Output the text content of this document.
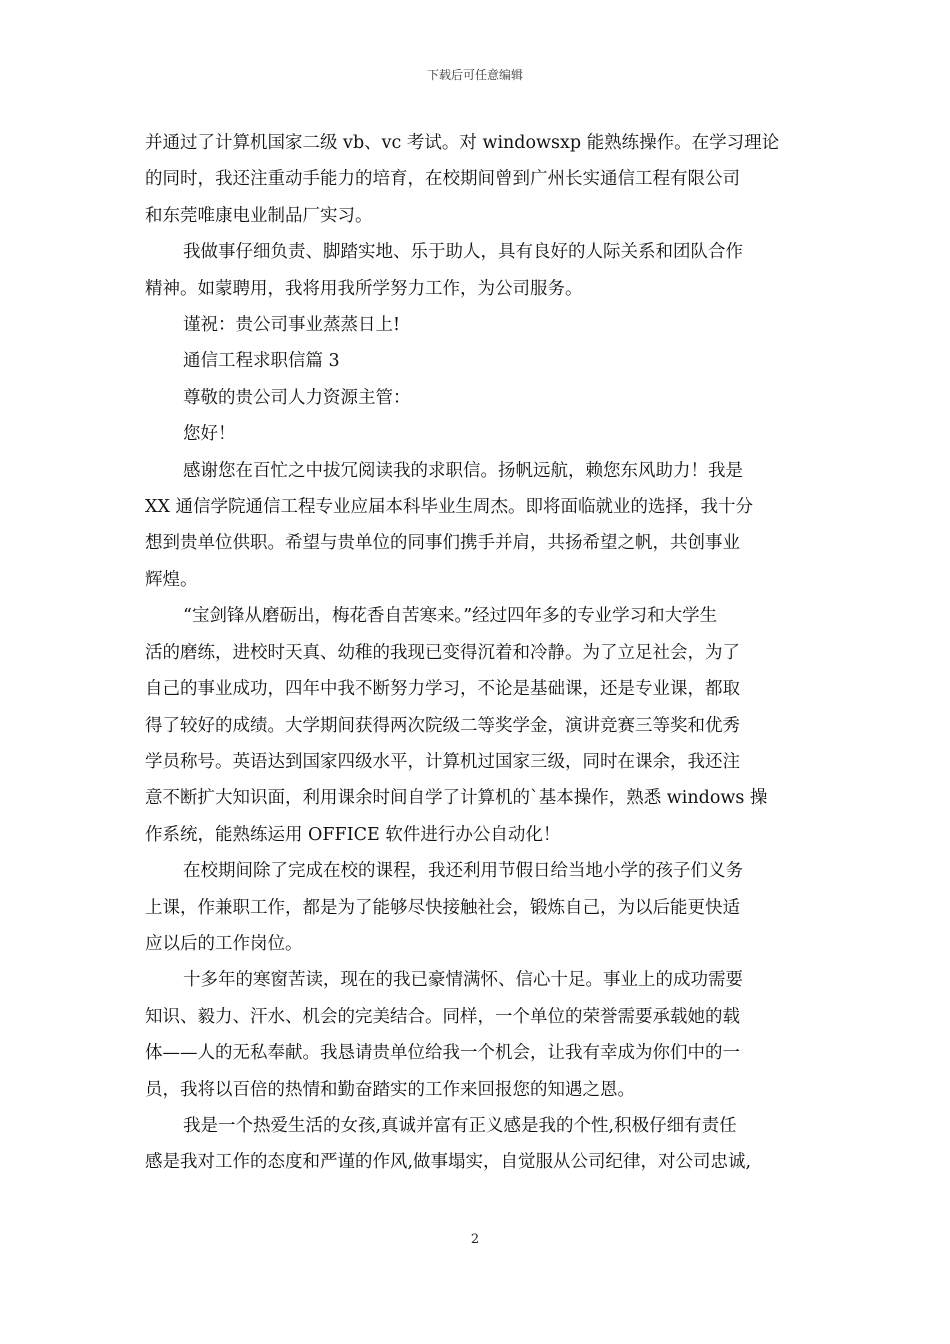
下载后可任意编辑
并通过了计算机国家二级 vb、vc 考试。对 windowsxp 能熟练操作。在学习理论
的同时，我还注重动手能力的培育，在校期间曾到广州长实通信工程有限公司
和东莞唯康电业制品厂实习。
我做事仔细负责、脚踏实地、乐于助人，具有良好的人际关系和团队合作
精神。如蒙聘用，我将用我所学努力工作，为公司服务。
谨祝：贵公司事业蒸蒸日上!
通信工程求职信篇 3
尊敬的贵公司人力资源主管：
您好！
感谢您在百忙之中拔冗阅读我的求职信。扬帆远航，赖您东风助力！我是
XX 通信学院通信工程专业应届本科毕业生周杰。即将面临就业的选择，我十分
想到贵单位供职。希望与贵单位的同事们携手并肩，共扬希望之帆，共创事业
辉煌。
“宝剑锋从磨砺出，梅花香自苦寒来。”经过四年多的专业学习和大学生
活的磨练，进校时天真、幼稚的我现已变得沉着和冷静。为了立足社会，为了
自己的事业成功，四年中我不断努力学习，不论是基础课，还是专业课，都取
得了较好的成绩。大学期间获得两次院级二等奖学金，演讲竞赛三等奖和优秀
学员称号。英语达到国家四级水平，计算机过国家三级，同时在课余，我还注
意不断扩大知识面，利用课余时间自学了计算机的`基本操作，熟悉 windows 操
作系统，能熟练运用 OFFICE 软件进行办公自动化！
在校期间除了完成在校的课程，我还利用节假日给当地小学的孩子们义务
上课，作兼职工作，都是为了能够尽快接触社会，锻炼自己，为以后能更快适
应以后的工作岗位。
十多年的寒窗苦读，现在的我已豪情满怀、信心十足。事业上的成功需要
知识、毅力、汗水、机会的完美结合。同样，一个单位的荣誉需要承载她的载
体——人的无私奉献。我恳请贵单位给我一个机会，让我有幸成为你们中的一
员，我将以百倍的热情和勤奋踏实的工作来回报您的知遇之恩。
我是一个热爱生活的女孩,真诚并富有正义感是我的个性,积极仔细有责任
感是我对工作的态度和严谨的作风,做事塌实，自觉服从公司纪律，对公司忠诚,
2
